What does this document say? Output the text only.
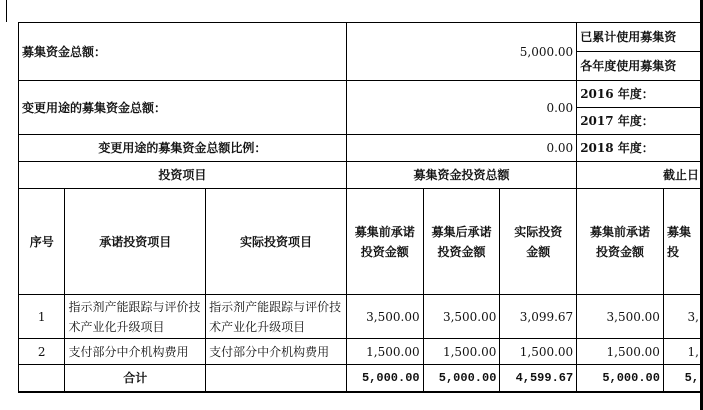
募集资金总额：			5,000.00			已累计使用募集资
各年度使用募集资	

变更用途的募集资金总额：			0.00			2016 年度：	
						2017 年度：	
变更用途的募集资金总额比例：			0.00			2018 年度：	
投资项目			募集资金投资总额			截止日	
序号	承诺投资项目	实际投资项目	募集前承诺投资金额	募集后承诺投资金额	实际投资金额	募集前承诺投资金额	募集投
1	指示剂产能跟踪与评价技术产业化升级项目	指示剂产能跟踪与评价技术产业化升级项目	3,500.00	3,500.00	3,099.67	3,500.00	3,
2	支付部分中介机构费用	支付部分中介机构费用	1,500.00	1,500.00	1,500.00	1,500.00	1,
	合计		5,000.00	5,000.00	4,599.67	5,000.00	5,
